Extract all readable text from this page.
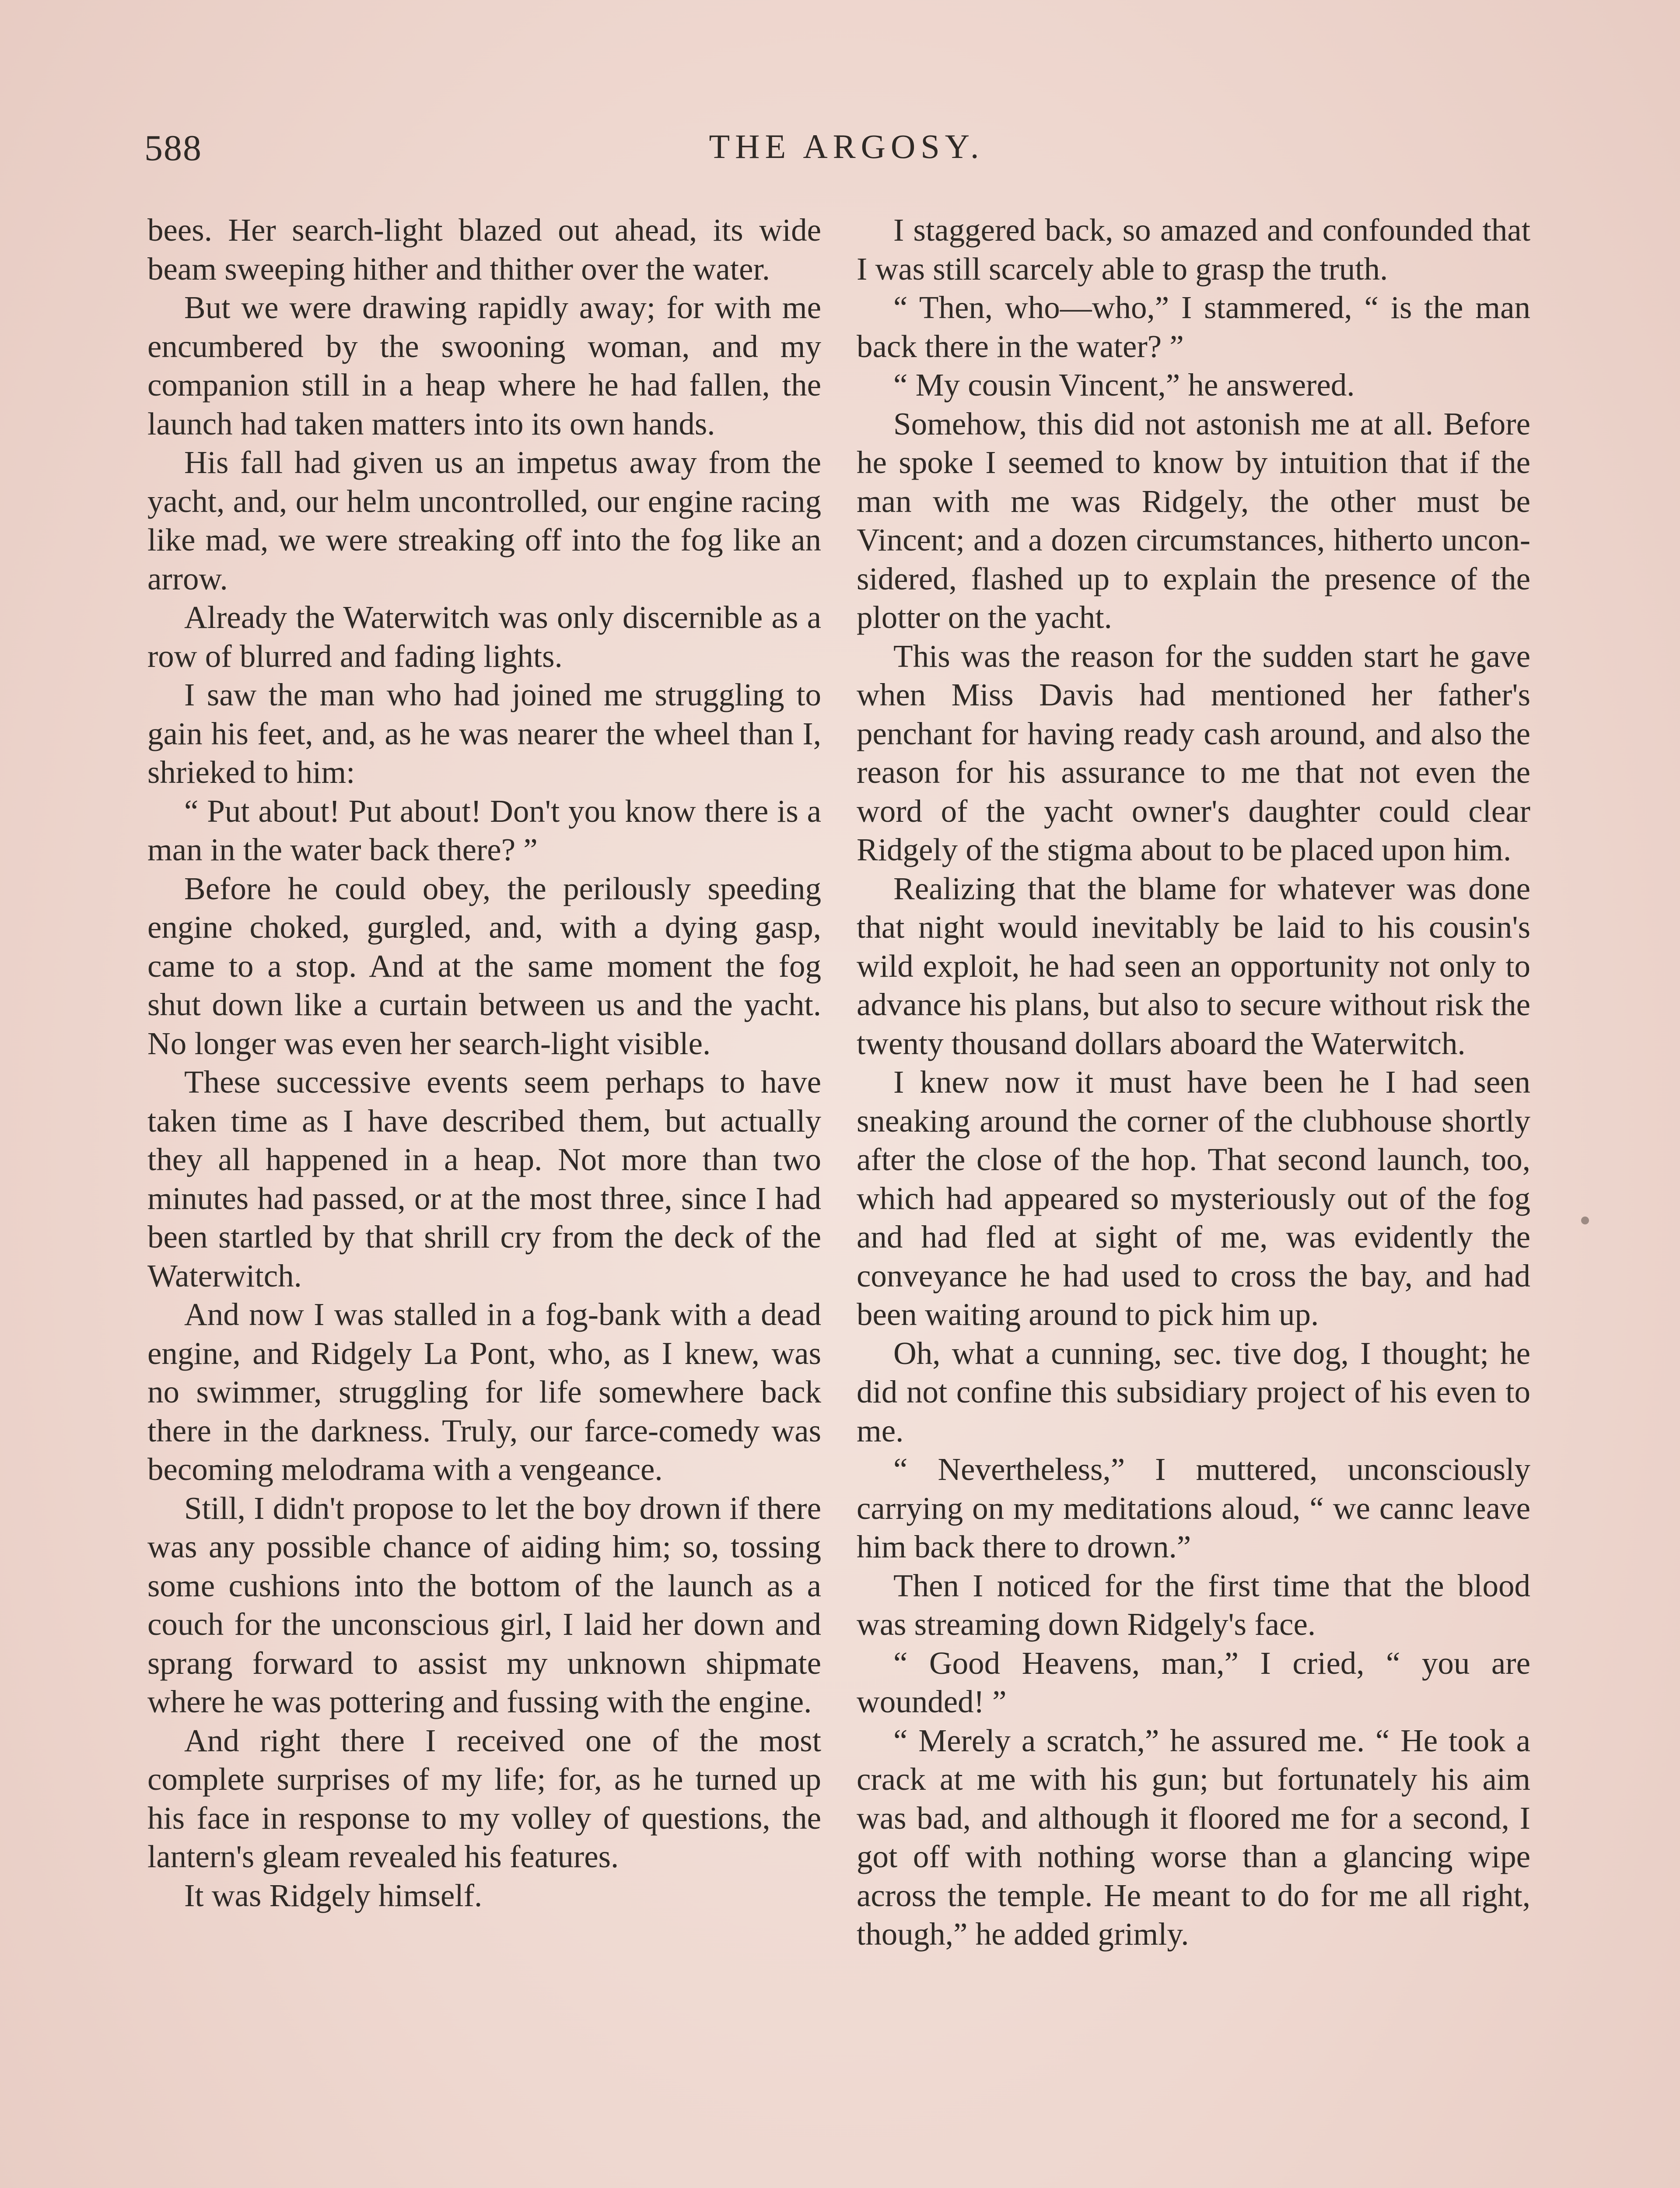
588	THE ARGOSY.

bees. Her search-light blazed out ahead, its wide beam sweeping hither and thither over the water.

But we were drawing rapidly away; for with me encumbered by the swooning woman, and my companion still in a heap where he had fallen, the launch had taken matters into its own hands.

His fall had given us an impetus away from the yacht, and, our helm uncontrolled, our engine racing like mad, we were streaking off into the fog like an arrow.

Already the Waterwitch was only discernible as a row of blurred and fading lights.

I saw the man who had joined me struggling to gain his feet, and, as he was nearer the wheel than I, shrieked to him:

“ Put about! Put about! Don't you know there is a man in the water back there? ”

Before he could obey, the perilously speeding engine choked, gurgled, and, with a dying gasp, came to a stop. And at the same moment the fog shut down like a curtain between us and the yacht. No longer was even her search-light visible.

These successive events seem perhaps to have taken time as I have described them, but actually they all happened in a heap. Not more than two minutes had passed, or at the most three, since I had been startled by that shrill cry from the deck of the Waterwitch.

And now I was stalled in a fog-bank with a dead engine, and Ridgely La Pont, who, as I knew, was no swimmer, struggling for life somewhere back there in the darkness. Truly, our farce-comedy was becoming melodrama with a vengeance.

Still, I didn't propose to let the boy drown if there was any possible chance of aiding him; so, tossing some cushions into the bottom of the launch as a couch for the unconscious girl, I laid her down and sprang forward to assist my unknown shipmate where he was pottering and fussing with the engine.

And right there I received one of the most complete surprises of my life; for, as he turned up his face in response to my volley of questions, the lantern's gleam revealed his features.

It was Ridgely himself.

I staggered back, so amazed and confounded that I was still scarcely able to grasp the truth.

“ Then, who—who,” I stammered, “ is the man back there in the water? ”

“ My cousin Vincent,” he answered.

Somehow, this did not astonish me at all. Before he spoke I seemed to know by intuition that if the man with me was Ridgely, the other must be Vincent; and a dozen circumstances, hitherto unconsidered, flashed up to explain the presence of the plotter on the yacht.

This was the reason for the sudden start he gave when Miss Davis had mentioned her father's penchant for having ready cash around, and also the reason for his assurance to me that not even the word of the yacht owner's daughter could clear Ridgely of the stigma about to be placed upon him.

Realizing that the blame for whatever was done that night would inevitably be laid to his cousin's wild exploit, he had seen an opportunity not only to advance his plans, but also to secure without risk the twenty thousand dollars aboard the Waterwitch.

I knew now it must have been he I had seen sneaking around the corner of the clubhouse shortly after the close of the hop. That second launch, too, which had appeared so mysteriously out of the fog and had fled at sight of me, was evidently the conveyance he had used to cross the bay, and had been waiting around to pick him up.

Oh, what a cunning, sec. tive dog, I thought; he did not confine this subsidiary project of his even to me.

“ Nevertheless,” I muttered, unconsciously carrying on my meditations aloud, “ we cannc leave him back there to drown.”

Then I noticed for the first time that the blood was streaming down Ridgely's face.

“ Good Heavens, man,” I cried, “ you are wounded! ”

“ Merely a scratch,” he assured me. “ He took a crack at me with his gun; but fortunately his aim was bad, and although it floored me for a second, I got off with nothing worse than a glancing wipe across the temple. He meant to do for me all right, though,” he added grimly.
